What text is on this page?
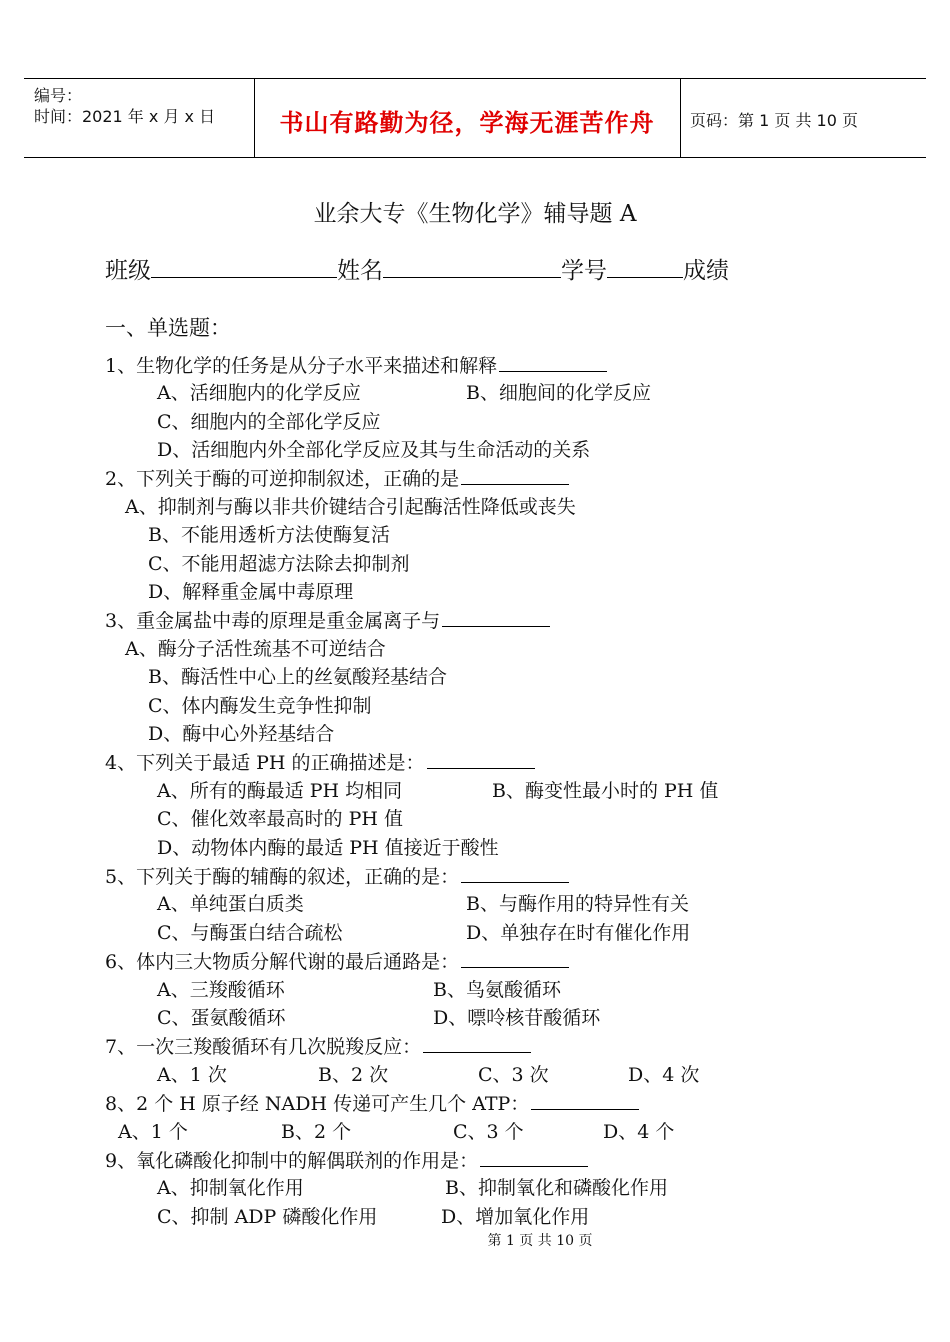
编号：
时间：2021 年 x 月 x 日	书山有路勤为径，学海无涯苦作舟	页码：第 1 页 共 10 页
业余大专《生物化学》辅导题 A
班级	姓名	学号	成绩
一、单选题：
1、生物化学的任务是从分子水平来描述和解释
A、活细胞内的化学反应	B、细胞间的化学反应
C、细胞内的全部化学反应
D、活细胞内外全部化学反应及其与生命活动的关系
2、下列关于酶的可逆抑制叙述，正确的是
A、抑制剂与酶以非共价键结合引起酶活性降低或丧失
B、不能用透析方法使酶复活
C、不能用超滤方法除去抑制剂
D、解释重金属中毒原理
3、重金属盐中毒的原理是重金属离子与
A、酶分子活性巯基不可逆结合
B、酶活性中心上的丝氨酸羟基结合
C、体内酶发生竞争性抑制
D、酶中心外羟基结合
4、下列关于最适 PH 的正确描述是：
A、所有的酶最适 PH 均相同	B、酶变性最小时的 PH 值
C、催化效率最高时的 PH 值
D、动物体内酶的最适 PH 值接近于酸性
5、下列关于酶的辅酶的叙述，正确的是：
A、单纯蛋白质类	B、与酶作用的特异性有关
C、与酶蛋白结合疏松	D、单独存在时有催化作用
6、体内三大物质分解代谢的最后通路是：
A、三羧酸循环	B、鸟氨酸循环
C、蛋氨酸循环	D、嘌呤核苷酸循环
7、一次三羧酸循环有几次脱羧反应：
A、1 次	B、2 次	C、3 次	D、4 次
8、2 个 H 原子经 NADH 传递可产生几个 ATP：
A、1 个	B、2 个	C、3 个	D、4 个
9、氧化磷酸化抑制中的解偶联剂的作用是：
A、抑制氧化作用	B、抑制氧化和磷酸化作用
C、抑制 ADP 磷酸化作用	D、增加氧化作用
第 1 页 共 10 页
